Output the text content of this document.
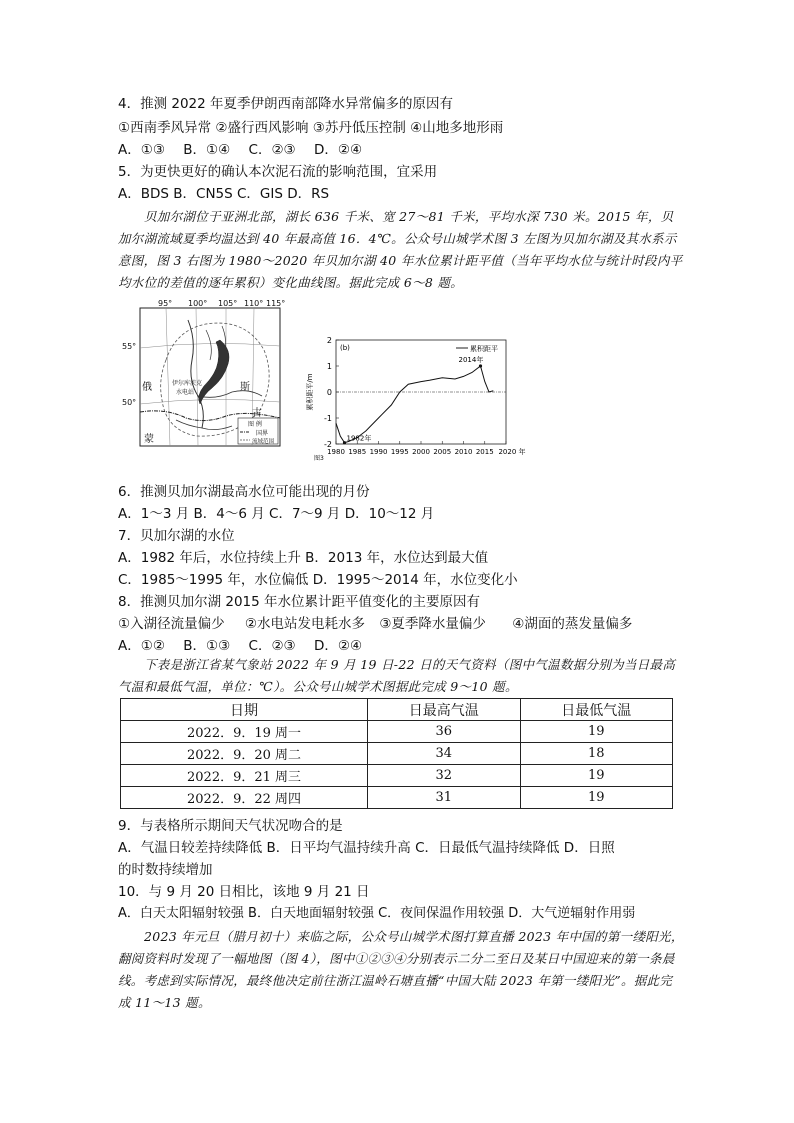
4．推测 2022 年夏季伊朗西南部降水异常偏多的原因有
①西南季风异常 ②盛行西风影响 ③苏丹低压控制 ④山地多地形雨
A．①③ B．①④ C．②③ D．②④
5．为更快更好的确认本次泥石流的影响范围，宜采用
A．BDS B．CN5S C．GIS D．RS
贝加尔湖位于亚洲北部，湖长 636 千米、宽 27～81 千米，平均水深 730 米。2015 年，贝加尔湖流域夏季均温达到 40 年最高值 16．4℃。公众号山城学术图 3 左图为贝加尔湖及其水系示意图，图 3 右图为 1980～2020 年贝加尔湖 40 年水位累计距平值（当年平均水位与统计时段内平均水位的差值的逐年累积）变化曲线图。据此完成 6～8 题。
95° 100° 105° 110° 115°
55°
50°
俄	斯
蒙
古
伊尔库茨克
水电站
图 例
国界
流域范围
2
1
0
-1
-2
1980 1985 1990 1995 2000 2005 2010 2015 2020 年
累积距平/m
(b)	累积距平
2014年
1982年
图3
6．推测贝加尔湖最高水位可能出现的月份
A．1～3 月 B．4～6 月 C．7～9 月 D．10～12 月
7．贝加尔湖的水位
A．1982 年后，水位持续上升 B．2013 年，水位达到最大值
C．1985～1995 年，水位偏低 D．1995～2014 年，水位变化小
8．推测贝加尔湖 2015 年水位累计距平值变化的主要原因有
①入湖径流量偏少 ②水电站发电耗水多 ③夏季降水量偏少 ④湖面的蒸发量偏多
A．①② B．①③ C．②③ D．②④
下表是浙江省某气象站 2022 年 9 月 19 日-22 日的天气资料（图中气温数据分别为当日最高气温和最低气温，单位：℃）。公众号山城学术图据此完成 9～10 题。
日期	日最高气温	日最低气温
2022．9．19 周一	36	19
2022．9．20 周二	34	18
2022．9．21 周三	32	19
2022．9．22 周四	31	19
9．与表格所示期间天气状况吻合的是
A．气温日较差持续降低 B．日平均气温持续升高 C．日最低气温持续降低 D．日照
的时数持续增加
10．与 9 月 20 日相比，该地 9 月 21 日
A．白天太阳辐射较强 B．白天地面辐射较强 C．夜间保温作用较强 D．大气逆辐射作用弱
2023 年元旦（腊月初十）来临之际，公众号山城学术图打算直播 2023 年中国的第一缕阳光，翻阅资料时发现了一幅地图（图 4），图中①②③④分别表示二分二至日及某日中国迎来的第一条晨线。考虑到实际情况，最终他决定前往浙江温岭石塘直播“中国大陆 2023 年第一缕阳光”。据此完成 11～13 题。
